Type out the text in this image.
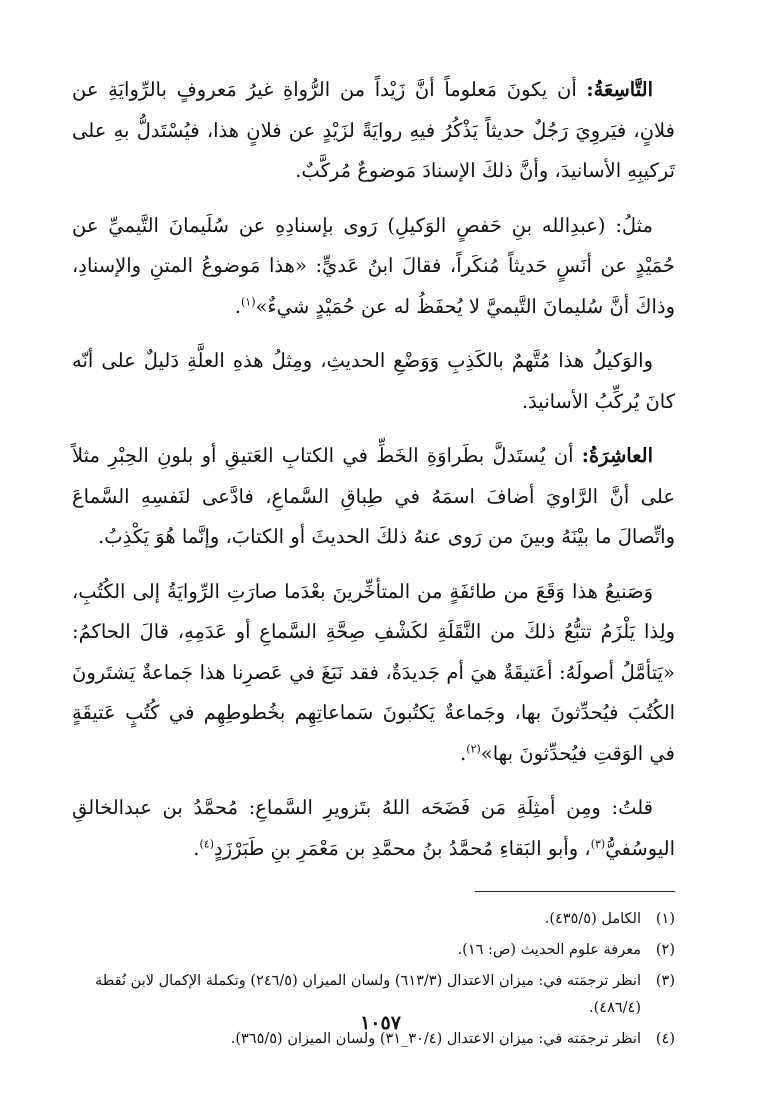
التَّاسِعَةُ: أن يكونَ مَعلوماً أنَّ زَيْداً من الرُّواةِ غيرُ مَعروفٍ بالرِّوايَةِ عن فلانٍ، فيَروِيَ رَجُلٌ حديثاً يَذْكُرُ فيهِ روايَةً لزَيْدٍ عن فلانٍ هذا، فيُسْتَدلُّ بهِ على تَركيبِهِ الأسانيدَ، وأنَّ ذلكَ الإسنادَ مَوضوعٌ مُركَّبٌ.

مثلُ: (عبدِالله بنِ حَفصٍ الوَكيلِ) رَوى بإسنادِهِ عن سُلَيمانَ التَّيميِّ عن حُمَيْدٍ عن أنَسٍ حَديثاً مُنكَراً، فقالَ ابنُ عَديٍّ: «هذا مَوضوعُ المتنِ والإسنادِ، وذاكَ أنَّ سُليمانَ التَّيميَّ لا يُحفَظُ له عن حُمَيْدٍ شيءٌ»$^{(١)}$.

والوَكيلُ هذا مُتَّهمٌ بالكَذِبِ وَوَضْعِ الحديثِ، ومِثلُ هذهِ العلَّةِ دَليلٌ على أنّه كانَ يُركِّبُ الأسانيدَ.

العاشِرَةُ: أن يُستَدلَّ بطَراوَةِ الخَطِّ في الكتابِ العَتيقِ أو بلونِ الحِبْرِ مثلاً على أنَّ الرَّاويَ أضافَ اسمَهُ في طِباقِ السَّماعِ، فادَّعى لنَفسِهِ السَّماعَ واتِّصالَ ما بيْنَهُ وبينَ من رَوى عنهُ ذلكَ الحديثَ أو الكتابَ، وإنَّما هُوَ يَكْذِبُ.

وَصَنيعُ هذا وَقَعَ من طائفَةٍ من المتأخِّرينَ بعْدَما صارَتِ الرِّوايَةُ إلى الكُتُبِ، ولِذا يَلْزَمُ تتبُّعُ ذلكَ من النَّقَلَةِ لكَشْفِ صِحَّةِ السَّماعِ أو عَدَمِهِ، قالَ الحاكمُ: «يَتأمَّلُ أصولَهُ: أعَتيقَةٌ هيَ أم جَديدَةٌ، فقد نَبَغَ في عَصرِنا هذا جَماعةٌ يَشتَرونَ الكُتُبَ فيُحدِّثونَ بها، وجَماعةٌ يَكتُبونَ سَماعاتِهِم بخُطوطِهِم في كُتُبٍ عَتيقَةٍ في الوَقتِ فيُحدِّثونَ بها»$^{(٢)}$.

قلتُ: ومِن أمثِلَةِ مَن فَضَحَه اللهُ بتَزويرِ السَّماعِ: مُحمَّدُ بن عبدالخالقِ اليوسُفيُّ$^{(٣)}$، وأبو البَقاءِ مُحمَّدُ بنُ محمَّدِ بن مَعْمَرِ بنِ طَبَرْزَدٍ$^{(٤)}$.

(١)
الكامل (٤٣٥/٥).
(٢)
معرفة علوم الحديث (ص: ١٦).
(٣)
انظر ترجمَته في: ميزان الاعتدال (٦١٣/٣) ولسان الميزان (٢٤٦/٥) وتكملة الإكمال لابن نُقطة (٤٨٦/٤).
(٤)
انظر ترجمَته في: ميزان الاعتدال (٣٠/٤_٣١) ولسان الميزان (٣٦٥/٥).
١٠٥٧
